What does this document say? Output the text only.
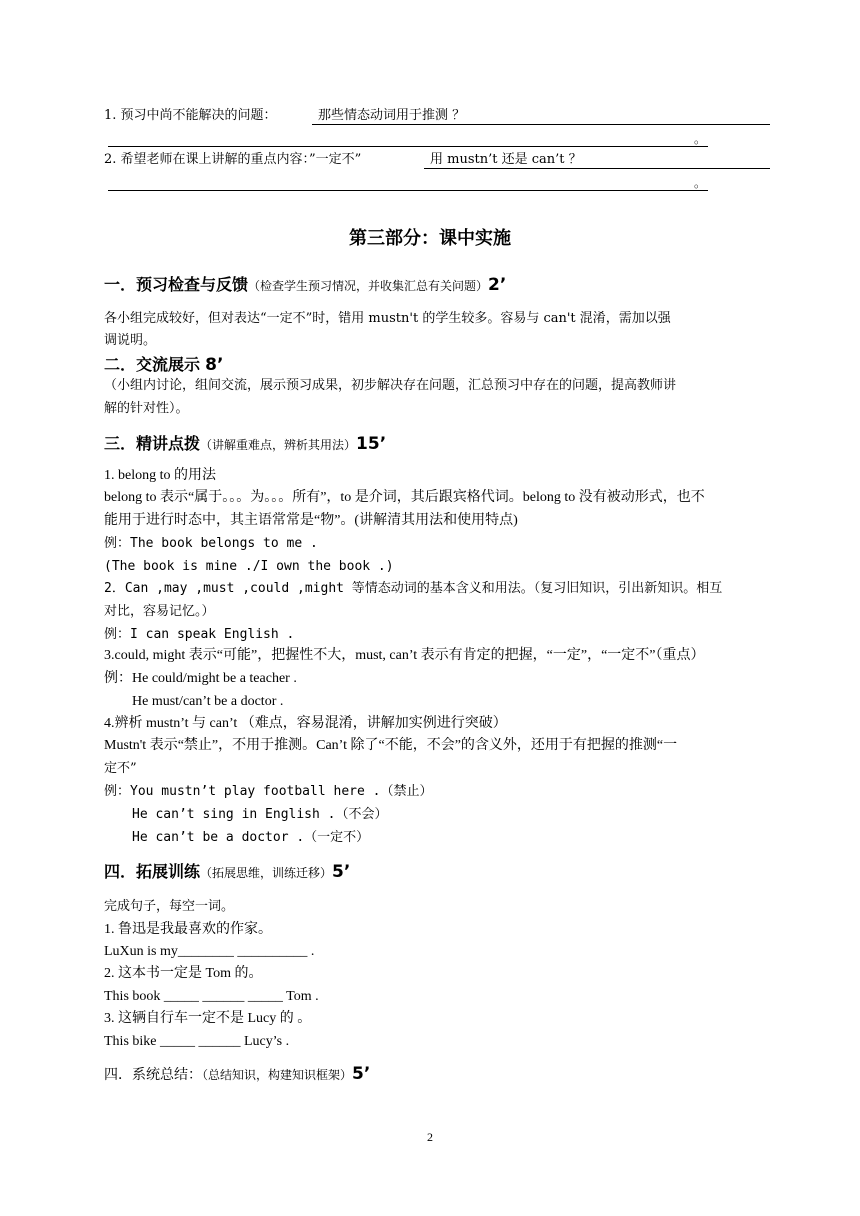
1. 预习中尚不能解决的问题：	那些情态动词用于推测 ？
。
2. 希望老师在课上讲解的重点内容：”一定不”	用 mustn’t 还是 can’t ？
。
第三部分：课中实施
一．预习检查与反馈（检查学生预习情况，并收集汇总有关问题）2’
各小组完成较好，但对表达“一定不”时，错用 mustn't 的学生较多。容易与 can't 混淆，需加以强
调说明。
二．交流展示 8’
（小组内讨论，组间交流，展示预习成果，初步解决存在问题，汇总预习中存在的问题，提高教师讲
解的针对性）。
三．精讲点拨（讲解重难点，辨析其用法）15’
1. belong to 的用法
belong to 表示“属于。。。为。。。所有”，to 是介词，其后跟宾格代词。belong to 没有被动形式，也不
能用于进行时态中，其主语常常是“物”。(讲解清其用法和使用特点)
例：The book belongs to me .
(The book is mine ./I own the book .)
2．Can ,may ,must ,could ,might 等情态动词的基本含义和用法。（复习旧知识，引出新知识。相互
对比，容易记忆。）
例：I can speak English .
3.could, might 表示“可能”，把握性不大，must, can’t 表示有肯定的把握，“一定”，“一定不”（重点）
例：He could/might be a teacher .
He must/can’t be a doctor .
4.辨析 mustn’t 与 can’t （难点，容易混淆，讲解加实例进行突破）
Mustn't 表示“禁止”，不用于推测。Can’t 除了“不能，不会”的含义外，还用于有把握的推测“一
定不”
例：You mustn’t play football here .（禁止）
He can’t sing in English .（不会）
He can’t be a doctor .（一定不）
四．拓展训练（拓展思维，训练迁移）5’
完成句子，每空一词。
1. 鲁迅是我最喜欢的作家。
LuXun is my________ __________ .
2. 这本书一定是 Tom 的。
This book _____ ______ _____ Tom .
3. 这辆自行车一定不是 Lucy 的 。
This bike _____ ______ Lucy’s .
四．系统总结：（总结知识，构建知识框架）5’
2
